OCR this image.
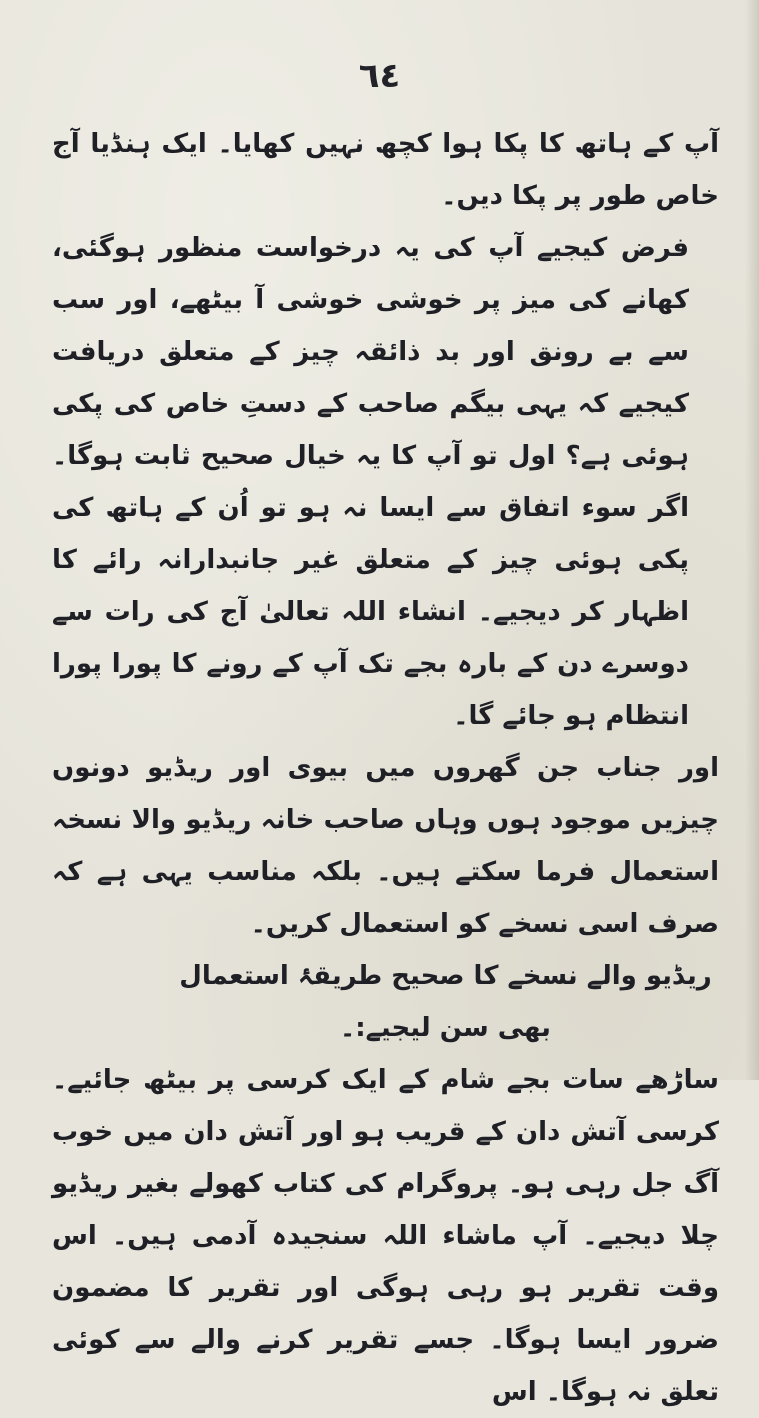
٦٤

آپ کے ہاتھ کا پکا ہوا کچھ نہیں کھایا۔ ایک ہنڈیا آج خاص طور پر پکا دیں۔

فرض کیجیے آپ کی یہ درخواست منظور ہوگئی، کھانے کی میز پر خوشی خوشی آ بیٹھے، اور سب سے بے رونق اور بد ذائقہ چیز کے متعلق دریافت کیجیے کہ یہی بیگم صاحب کے دستِ خاص کی پکی ہوئی ہے؟ اول تو آپ کا یہ خیال صحیح ثابت ہوگا۔ اگر سوء اتفاق سے ایسا نہ ہو تو اُن کے ہاتھ کی پکی ہوئی چیز کے متعلق غیر جانبدارانہ رائے کا اظہار کر دیجیے۔ انشاء اللہ تعالیٰ آج کی رات سے دوسرے دن کے بارہ بجے تک آپ کے رونے کا پورا پورا انتظام ہو جائے گا۔

اور جناب جن گھروں میں بیوی اور ریڈیو دونوں چیزیں موجود ہوں وہاں صاحب خانہ ریڈیو والا نسخہ استعمال فرما سکتے ہیں۔ بلکہ مناسب یہی ہے کہ صرف اسی نسخے کو استعمال کریں۔

ریڈیو والے نسخے کا صحیح طریقۂ استعمال بھی سن لیجیے:۔

ساڑھے سات بجے شام کے ایک کرسی پر بیٹھ جائیے۔ کرسی آتش دان کے قریب ہو اور آتش دان میں خوب آگ جل رہی ہو۔ پروگرام کی کتاب کھولے بغیر ریڈیو چلا دیجیے۔ آپ ماشاء اللہ سنجیدہ آدمی ہیں۔ اس وقت تقریر ہو رہی ہوگی اور تقریر کا مضمون ضرور ایسا ہوگا۔ جسے تقریر کرنے والے سے کوئی تعلق نہ ہوگا۔ اس
